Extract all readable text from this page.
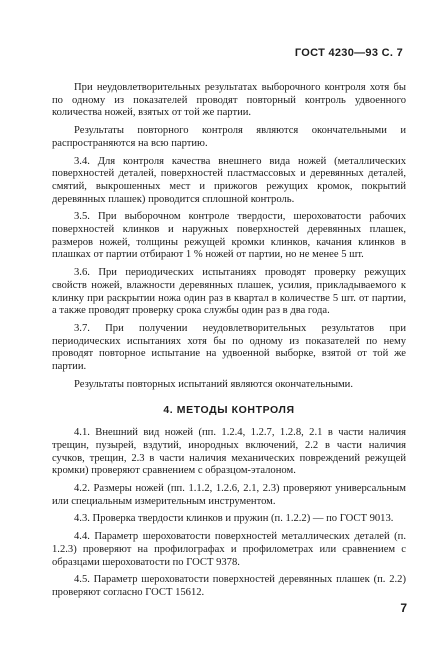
ГОСТ 4230—93 С. 7

При неудовлетворительных результатах выборочного контроля хотя бы по одному из показателей проводят повторный контроль удвоенного количества ножей, взятых от той же партии.

Результаты повторного контроля являются окончательными и распространяются на всю партию.

3.4. Для контроля качества внешнего вида ножей (металлических поверхностей деталей, поверхностей пластмассовых и деревянных деталей, смятий, выкрошенных мест и прижогов режущих кромок, покрытий деревянных плашек) проводится сплошной контроль.

3.5. При выборочном контроле твердости, шероховатости рабочих поверхностей клинков и наружных поверхностей деревянных плашек, размеров ножей, толщины режущей кромки клинков, качания клинков в плашках от партии отбирают 1 % ножей от партии, но не менее 5 шт.

3.6. При периодических испытаниях проводят проверку режущих свойств ножей, влажности деревянных плашек, усилия, прикладываемого к клинку при раскрытии ножа один раз в квартал в количестве 5 шт. от партии, а также проводят проверку срока службы один раз в два года.

3.7. При получении неудовлетворительных результатов при периодических испытаниях хотя бы по одному из показателей по нему проводят повторное испытание на удвоенной выборке, взятой от той же партии.

Результаты повторных испытаний являются окончательными.

4. МЕТОДЫ КОНТРОЛЯ

4.1. Внешний вид ножей (пп. 1.2.4, 1.2.7, 1.2.8, 2.1 в части наличия трещин, пузырей, вздутий, инородных включений, 2.2 в части наличия сучков, трещин, 2.3 в части наличия механических повреждений режущей кромки) проверяют сравнением с образцом-эталоном.

4.2. Размеры ножей (пп. 1.1.2, 1.2.6, 2.1, 2.3) проверяют универсальным или специальным измерительным инструментом.

4.3. Проверка твердости клинков и пружин (п. 1.2.2) — по ГОСТ 9013.

4.4. Параметр шероховатости поверхностей металлических деталей (п. 1.2.3) проверяют на профилографах и профилометрах или сравнением с образцами шероховатости по ГОСТ 9378.

4.5. Параметр шероховатости поверхностей деревянных плашек (п. 2.2) проверяют согласно ГОСТ 15612.

7
